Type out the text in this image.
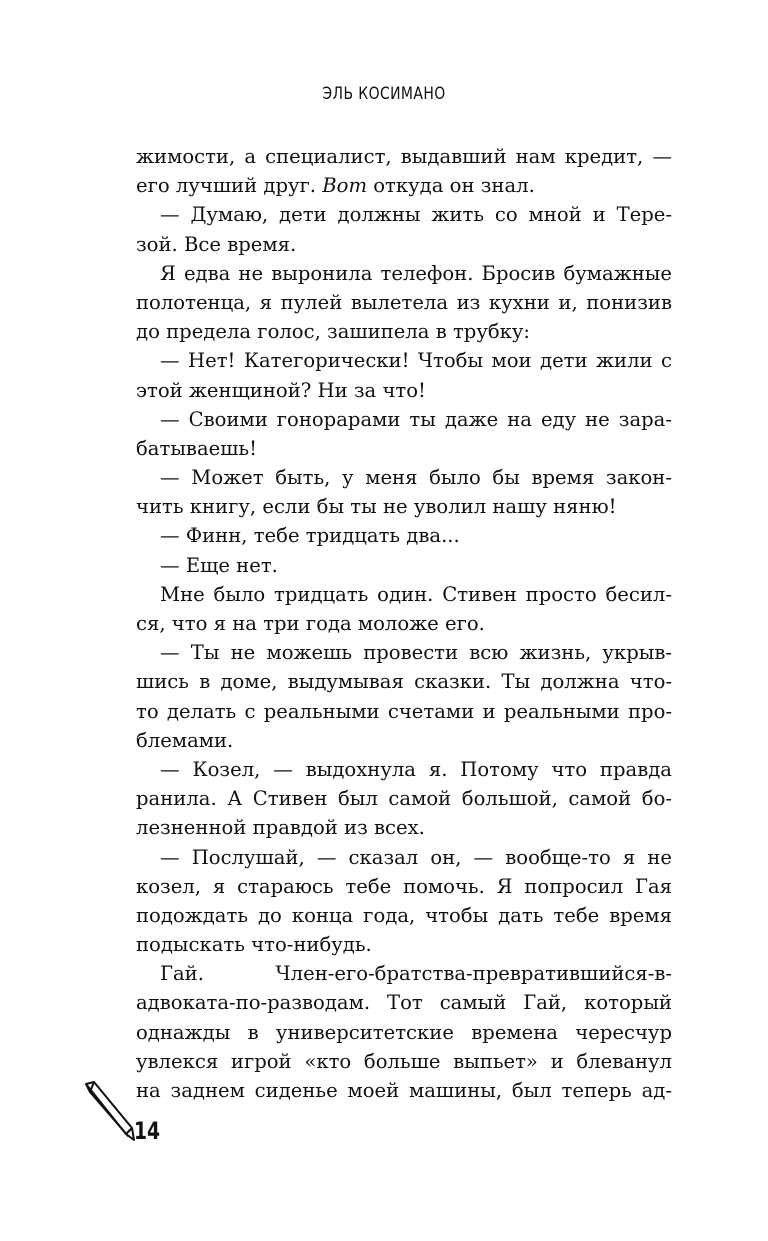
ЭЛЬ КОСИМАНО
жимости, а специалист, выдавший нам кредит, —
его лучший друг. Вот откуда он знал.
— Думаю, дети должны жить со мной и Тере-
зой. Все время.
Я едва не выронила телефон. Бросив бумажные
полотенца, я пулей вылетела из кухни и, понизив
до предела голос, зашипела в трубку:
— Нет! Категорически! Чтобы мои дети жили с
этой женщиной? Ни за что!
— Своими гонорарами ты даже на еду не зара-
батываешь!
— Может быть, у меня было бы время закон-
чить книгу, если бы ты не уволил нашу няню!
— Финн, тебе тридцать два...
— Еще нет.
Мне было тридцать один. Стивен просто бесил-
ся, что я на три года моложе его.
— Ты не можешь провести всю жизнь, укрыв-
шись в доме, выдумывая сказки. Ты должна что-
то делать с реальными счетами и реальными про-
блемами.
— Козел, — выдохнула я. Потому что правда
ранила. А Стивен был самой большой, самой бо-
лезненной правдой из всех.
— Послушай, — сказал он, — вообще-то я не
козел, я стараюсь тебе помочь. Я попросил Гая
подождать до конца года, чтобы дать тебе время
подыскать что-нибудь.
Гай. Член-его-братства-превратившийся-в-
адвоката-по-разводам. Тот самый Гай, который
однажды в университетские времена чересчур
увлекся игрой «кто больше выпьет» и блеванул
на заднем сиденье моей машины, был теперь ад-
14
